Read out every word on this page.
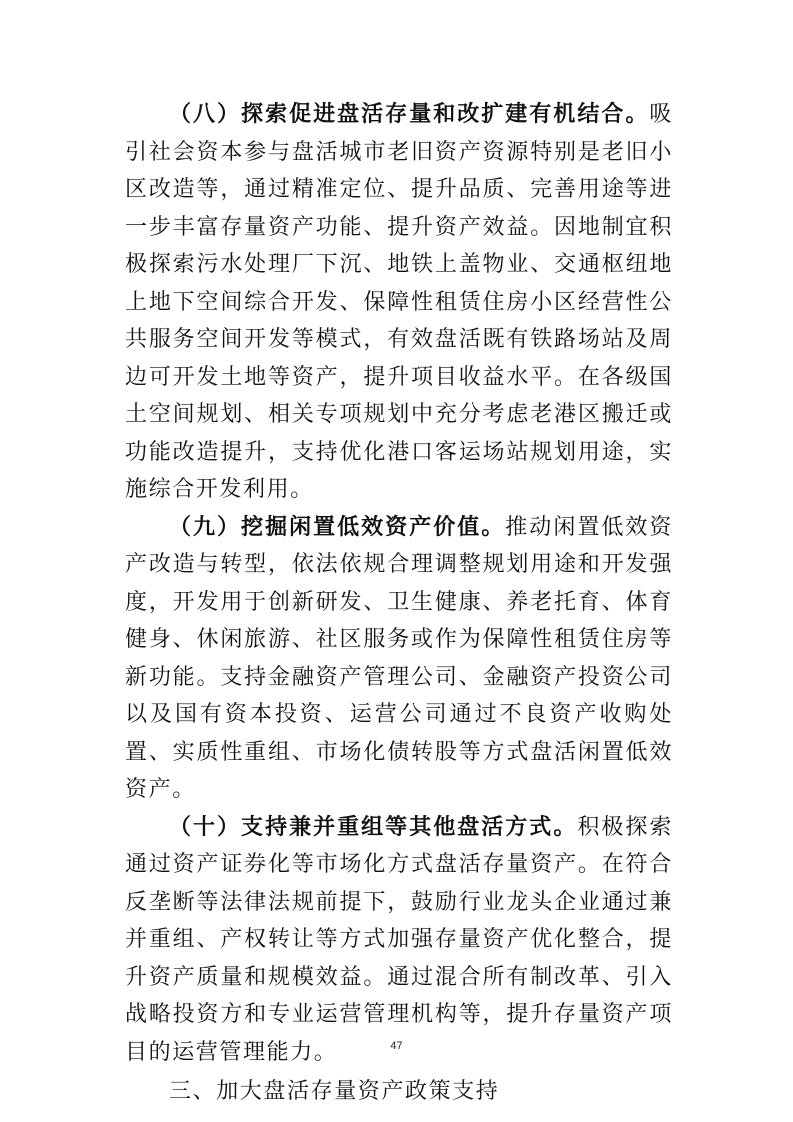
（八）探索促进盘活存量和改扩建有机结合。吸引社会资本参与盘活城市老旧资产资源特别是老旧小区改造等，通过精准定位、提升品质、完善用途等进一步丰富存量资产功能、提升资产效益。因地制宜积极探索污水处理厂下沉、地铁上盖物业、交通枢纽地上地下空间综合开发、保障性租赁住房小区经营性公共服务空间开发等模式，有效盘活既有铁路场站及周边可开发土地等资产，提升项目收益水平。在各级国土空间规划、相关专项规划中充分考虑老港区搬迁或功能改造提升，支持优化港口客运场站规划用途，实施综合开发利用。

（九）挖掘闲置低效资产价值。推动闲置低效资产改造与转型，依法依规合理调整规划用途和开发强度，开发用于创新研发、卫生健康、养老托育、体育健身、休闲旅游、社区服务或作为保障性租赁住房等新功能。支持金融资产管理公司、金融资产投资公司以及国有资本投资、运营公司通过不良资产收购处置、实质性重组、市场化债转股等方式盘活闲置低效资产。

（十）支持兼并重组等其他盘活方式。积极探索通过资产证券化等市场化方式盘活存量资产。在符合反垄断等法律法规前提下，鼓励行业龙头企业通过兼并重组、产权转让等方式加强存量资产优化整合，提升资产质量和规模效益。通过混合所有制改革、引入战略投资方和专业运营管理机构等，提升存量资产项目的运营管理能力。

三、加大盘活存量资产政策支持
47
